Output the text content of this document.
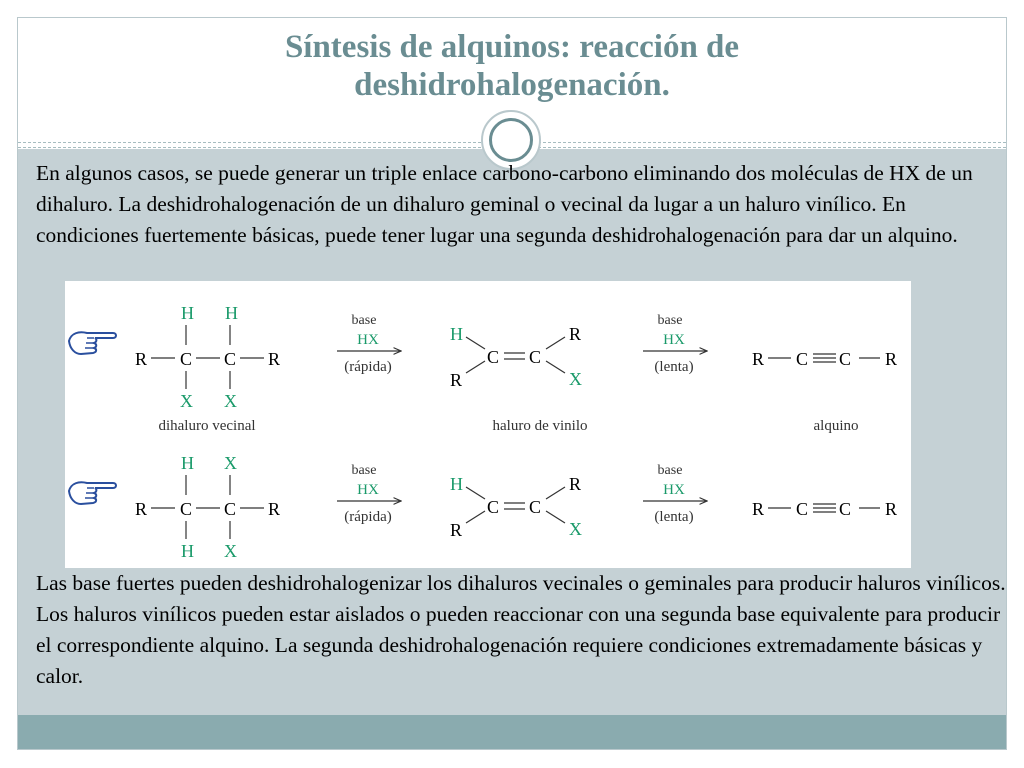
Síntesis de alquinos: reacción de
deshidrohalogenación.

En algunos casos, se puede generar un triple enlace carbono-carbono eliminando dos moléculas de HX de un dihaluro. La deshidrohalogenación de un dihaluro geminal o vecinal da lugar a un haluro vinílico. En condiciones fuertemente básicas, puede tener lugar una segunda deshidrohalogenación para dar un alquino.

R C C R
H H
X X
dihaluro vecinal
base
HX
(rápida)
H
R
C C
R
X
haluro de vinilo
base
HX
(lenta)	R C C R
alquino
R C C R
H X
H X
base
HX
(rápida)
H
R
C C
R
X
base
HX
(lenta)	R C C R

Las base fuertes pueden deshidrohalogenizar los dihaluros vecinales o geminales para producir haluros vinílicos. Los haluros vinílicos pueden estar aislados o pueden reaccionar con una segunda base equivalente para producir el correspondiente alquino. La segunda deshidrohalogenación requiere condiciones extremadamente básicas y calor.
